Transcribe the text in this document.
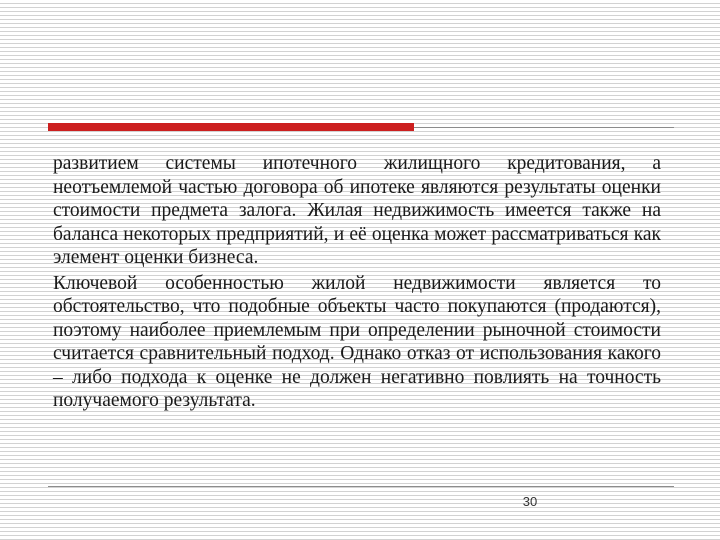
развитием системы ипотечного жилищного кредитования, а неотъемлемой частью договора об ипотеке являются результаты оценки стоимости предмета залога. Жилая недвижимость имеется также на баланса некоторых предприятий, и её оценка может рассматриваться как элемент оценки бизнеса.

Ключевой особенностью жилой недвижимости является то обстоятельство, что подобные объекты часто покупаются (продаются), поэтому наиболее приемлемым при определении рыночной стоимости считается сравнительный подход. Однако отказ от использования какого – либо подхода к оценке не должен негативно повлиять на точность получаемого результата.

30
